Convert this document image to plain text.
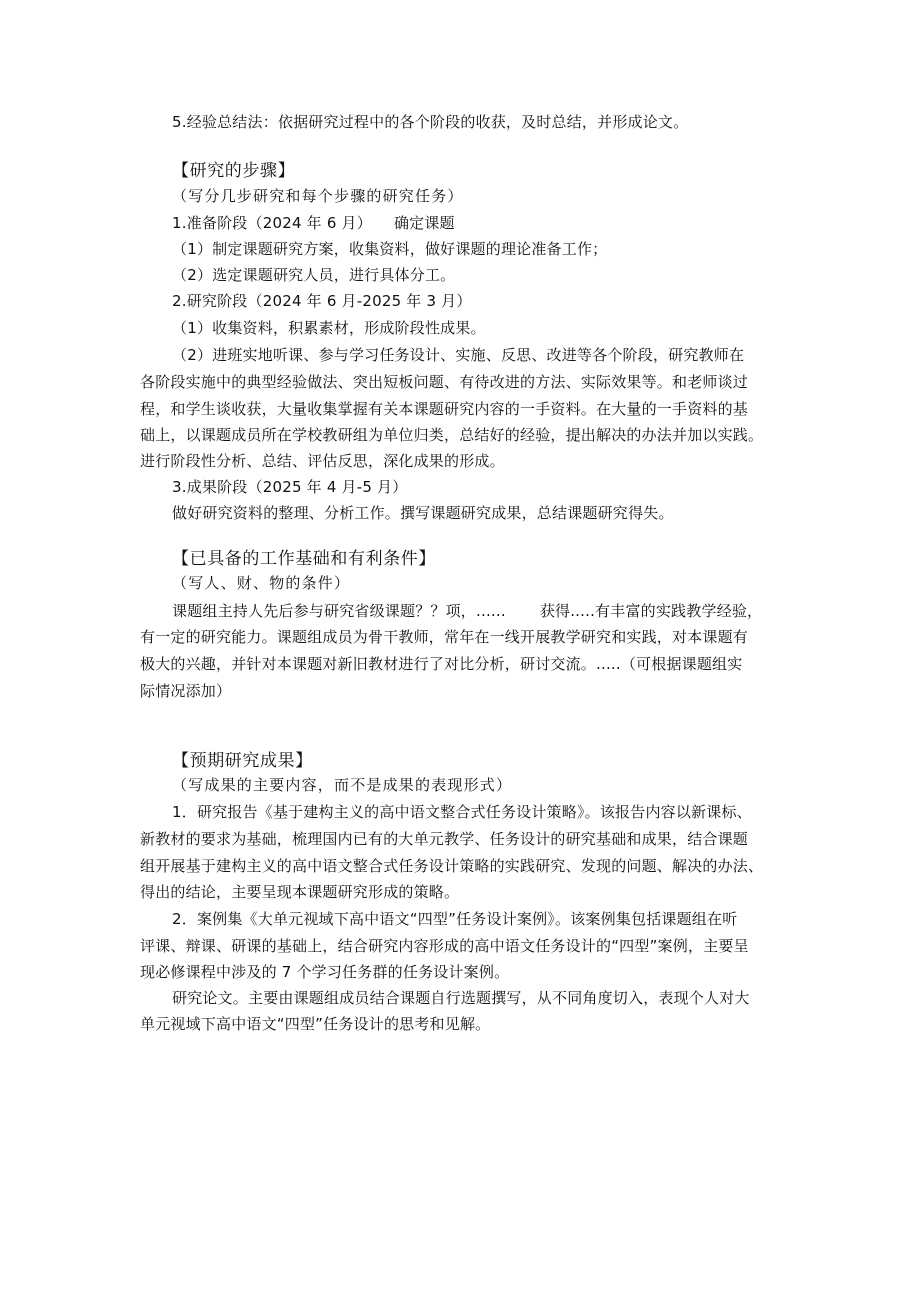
5.经验总结法：依据研究过程中的各个阶段的收获，及时总结，并形成论文。
【研究的步骤】
（写分几步研究和每个步骤的研究任务）
1.准备阶段（2024 年 6 月） 确定课题
（1）制定课题研究方案，收集资料，做好课题的理论准备工作；
（2）选定课题研究人员，进行具体分工。
2.研究阶段（2024 年 6 月-2025 年 3 月）
（1）收集资料，积累素材，形成阶段性成果。
（2）进班实地听课、参与学习任务设计、实施、反思、改进等各个阶段，研究教师在
各阶段实施中的典型经验做法、突出短板问题、有待改进的方法、实际效果等。和老师谈过
程，和学生谈收获，大量收集掌握有关本课题研究内容的一手资料。在大量的一手资料的基
础上，以课题成员所在学校教研组为单位归类，总结好的经验，提出解决的办法并加以实践。
进行阶段性分析、总结、评估反思，深化成果的形成。
3.成果阶段（2025 年 4 月-5 月）
做好研究资料的整理、分析工作。撰写课题研究成果，总结课题研究得失。
【已具备的工作基础和有利条件】
（写人、财、物的条件）
课题组主持人先后参与研究省级课题？？项，...... 获得.....有丰富的实践教学经验，
有一定的研究能力。课题组成员为骨干教师，常年在一线开展教学研究和实践，对本课题有
极大的兴趣，并针对本课题对新旧教材进行了对比分析，研讨交流。.....（可根据课题组实
际情况添加）
【预期研究成果】
（写成果的主要内容，而不是成果的表现形式）
1．研究报告《基于建构主义的高中语文整合式任务设计策略》。该报告内容以新课标、
新教材的要求为基础，梳理国内已有的大单元教学、任务设计的研究基础和成果，结合课题
组开展基于建构主义的高中语文整合式任务设计策略的实践研究、发现的问题、解决的办法、
得出的结论，主要呈现本课题研究形成的策略。
2．案例集《大单元视域下高中语文“四型”任务设计案例》。该案例集包括课题组在听
评课、辩课、研课的基础上，结合研究内容形成的高中语文任务设计的“四型”案例，主要呈
现必修课程中涉及的 7 个学习任务群的任务设计案例。
研究论文。主要由课题组成员结合课题自行选题撰写，从不同角度切入，表现个人对大
单元视域下高中语文“四型”任务设计的思考和见解。
